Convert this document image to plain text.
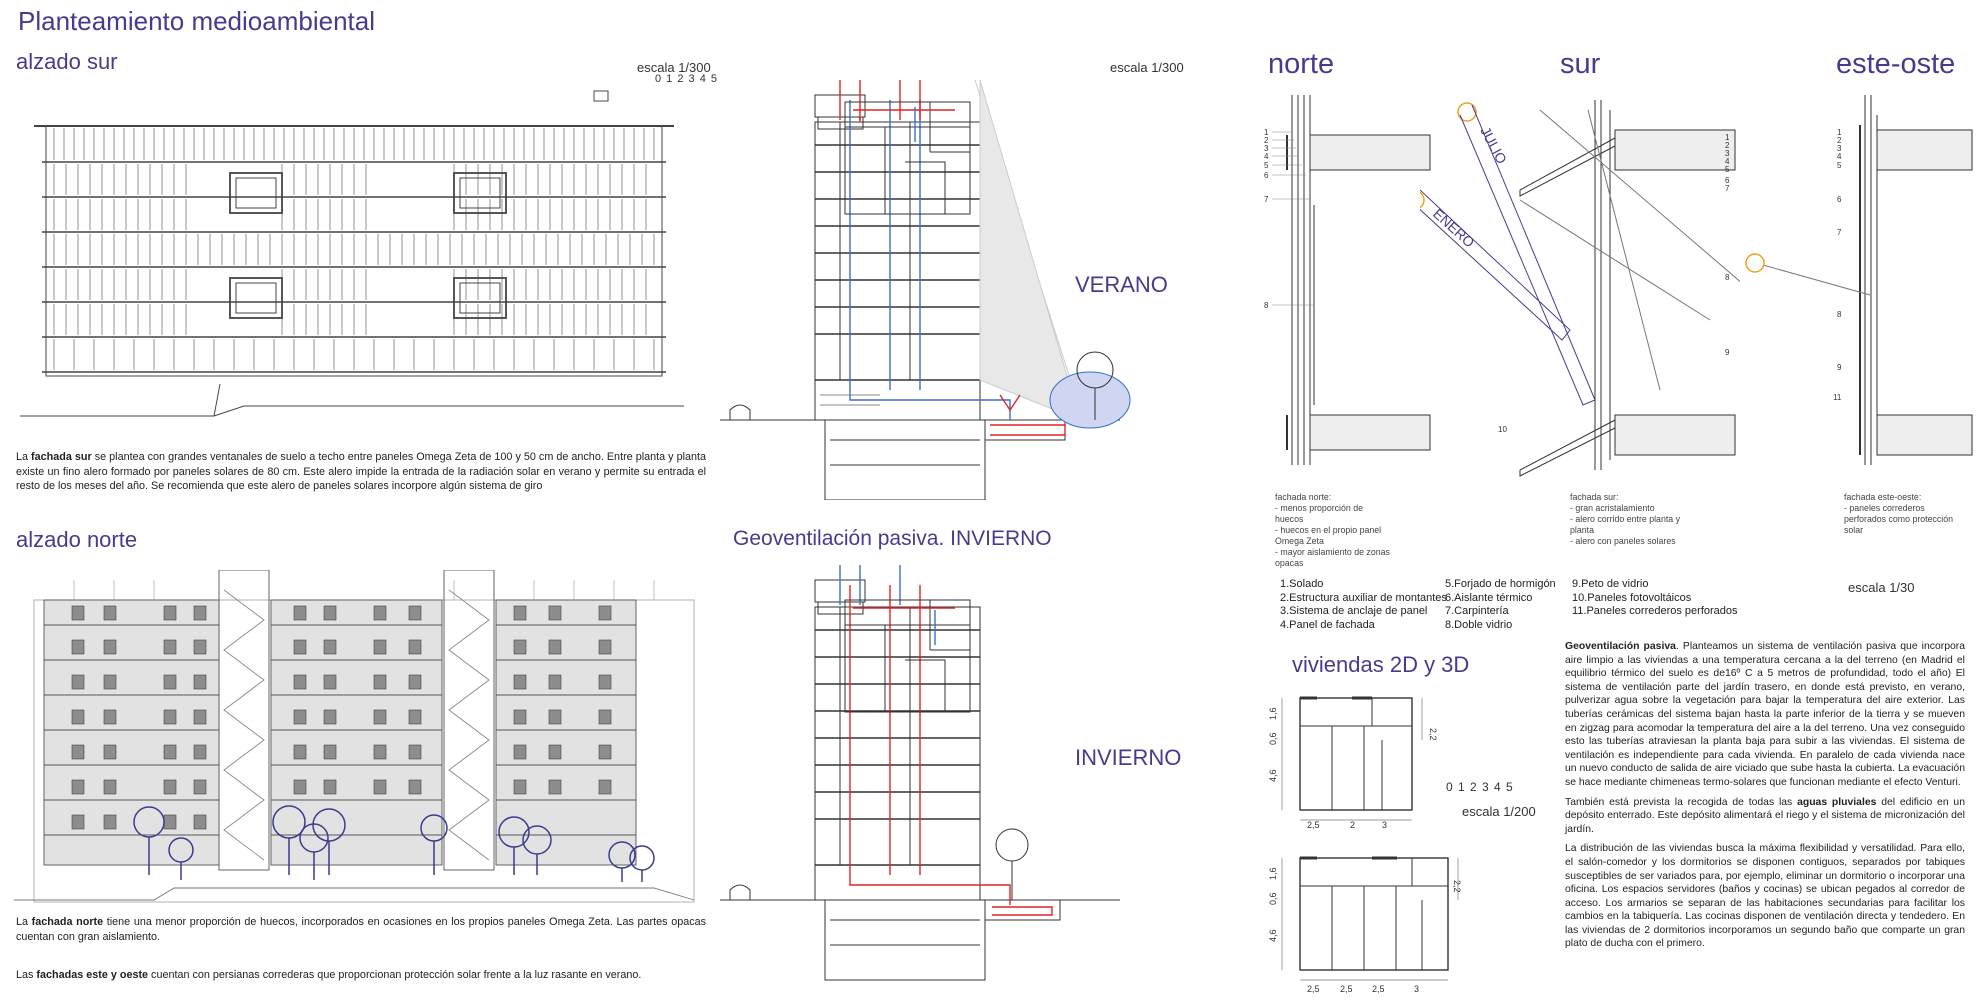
Planteamiento medioambiental
alzado sur	escala 1/300
0 1 2 3 4 5
La fachada sur se plantea con grandes ventanales de suelo a techo entre paneles Omega Zeta de 100 y 50 cm de ancho. Entre planta y planta existe un fino alero formado por paneles solares de 80 cm. Este alero impide la entrada de la radiación solar en verano y permite su entrada el resto de los meses del año. Se recomienda que este alero de paneles solares incorpore algún sistema de giro
alzado norte
La fachada norte tiene una menor proporción de huecos, incorporados en ocasiones en los propios paneles Omega Zeta. Las partes opacas cuentan con gran aislamiento.
Las fachadas este y oeste cuentan con persianas correderas que proporcionan protección solar frente a la luz rasante en verano.
escala 1/300
VERANO
Geoventilación pasiva. INVIERNO
INVIERNO
norte	sur	este-oste
1
2
3
4
5
6
7
8
fachada norte:
- menos proporción de
huecos
- huecos en el propio panel
Omega Zeta
- mayor aislamiento de zonas
opacas
JULIO
ENERO
1
2
3
4
5
6
7
8
9
10
fachada sur:
- gran acristalamiento
- alero corrido entre planta y
planta
- alero con paneles solares
1
2
3
4
5
6
7
8
9
11
fachada este-oeste:
- paneles correderos
perforados como protección
solar
1.Solado
2.Estructura auxiliar de montantes
3.Sistema de anclaje de panel
4.Panel de fachada
5.Forjado de hormigón
6.Aislante térmico
7.Carpintería
8.Doble vidrio
9.Peto de vidrio
10.Paneles fotovoltáicos
11.Paneles correderos perforados
escala 1/30
viviendas 2D y 3D
0 1 2 3 4 5
escala 1/200
2,5	2	3
1,6
0,6
4,6
2,2
2,5 2,5 2,5	3
1,6
0,6
4,6
2,2
Geoventilación pasiva. Planteamos un sistema de ventilación pasiva que incorpora aire limpio a las viviendas a una temperatura cercana a la del terreno (en Madrid el equilibrio térmico del suelo es de16º C a 5 metros de profundidad, todo el año) El sistema de ventilación parte del jardín trasero, en donde está previsto, en verano, pulverizar agua sobre la vegetación para bajar la temperatura del aire exterior. Las tuberías cerámicas del sistema bajan hasta la parte inferior de la tierra y se mueven en zigzag para acomodar la temperatura del aire a la del terreno. Una vez conseguido esto las tuberías atraviesan la planta baja para subir a las viviendas. El sistema de ventilación es independiente para cada vivienda. En paralelo de cada vivienda nace un nuevo conducto de salida de aire viciado que sube hasta la cubierta. La evacuación se hace mediante chimeneas termo-solares que funcionan mediante el efecto Venturi.
También está prevista la recogida de todas las aguas pluviales del edificio en un depósito enterrado. Este depósito alimentará el riego y el sistema de micronización del jardín.
La distribución de las viviendas busca la máxima flexibilidad y versatilidad. Para ello, el salón-comedor y los dormitorios se disponen contiguos, separados por tabiques susceptibles de ser variados para, por ejemplo, eliminar un dormitorio o incorporar una oficina. Los espacios servidores (baños y cocinas) se ubican pegados al corredor de acceso. Los armarios se separan de las habitaciones secundarias para facilitar los cambios en la tabiquería. Las cocinas disponen de ventilación directa y tendedero. En las viviendas de 2 dormitorios incorporamos un segundo baño que comparte un gran plato de ducha con el primero.
